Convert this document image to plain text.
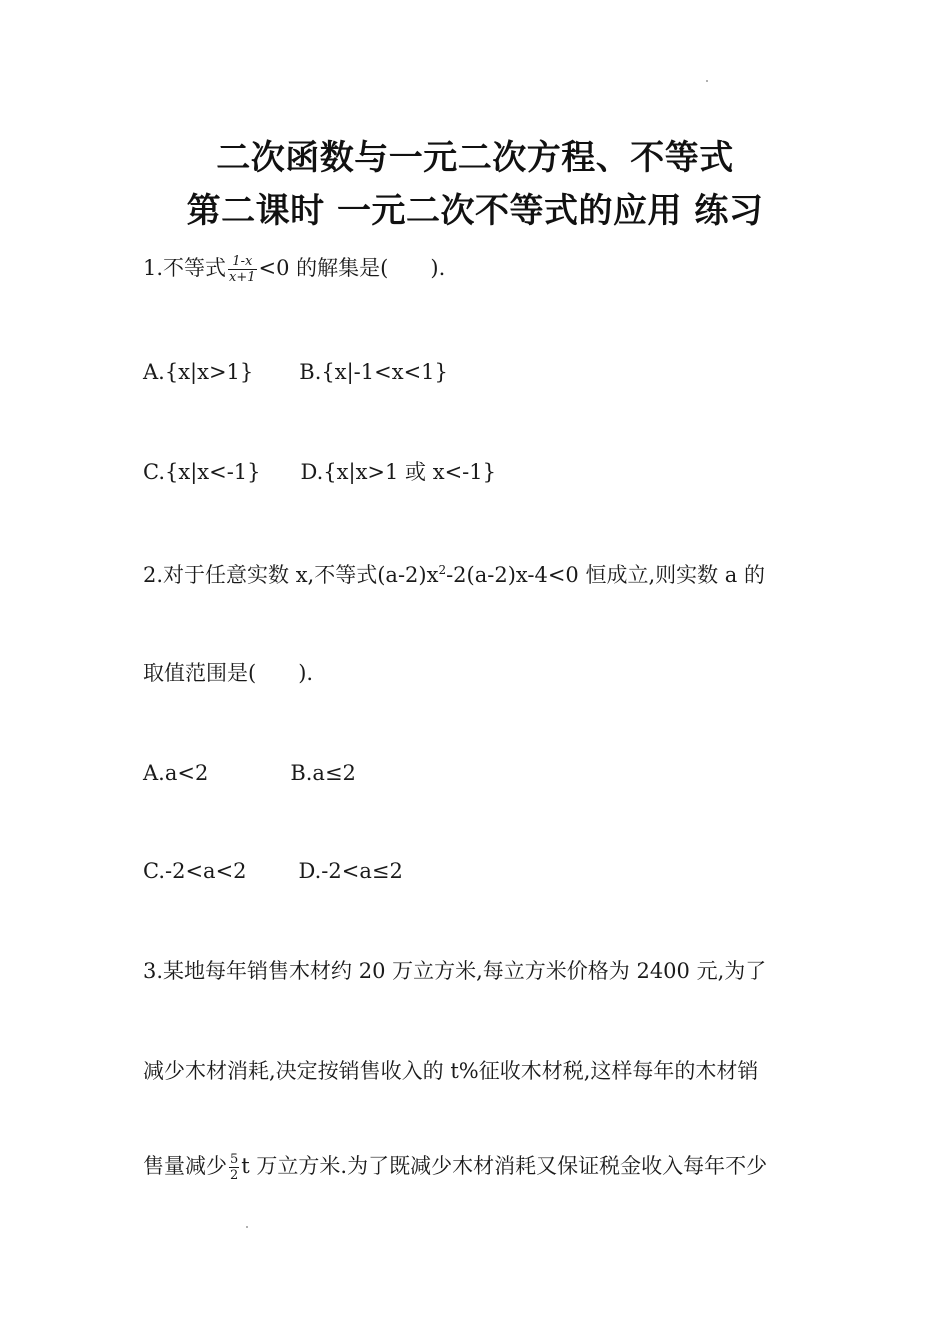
二次函数与一元二次方程、不等式
第二课时 一元二次不等式的应用 练习
1.不等式 $\frac{1-x}{x+1} <0$ 的解集是(　　).
A.{x|x>1} B.{x|-1<x<1}
C.{x|x<-1} D.{x|x>1 或 x<-1}
2.对于任意实数 x,不等式$(a-2)x^2-2(a-2)x-4<0$ 恒成立,则实数 a 的
取值范围是(　　).
A.a<2	B.a≤2
C.-2<a<2 D.-2<a≤2
3.某地每年销售木材约 20 万立方米,每立方米价格为 2400 元,为了
减少木材消耗,决定按销售收入的 t%征收木材税,这样每年的木材销
售量减少 $\frac{5}{2}$ t 万立方米.为了既减少木材消耗又保证税金收入每年不少
